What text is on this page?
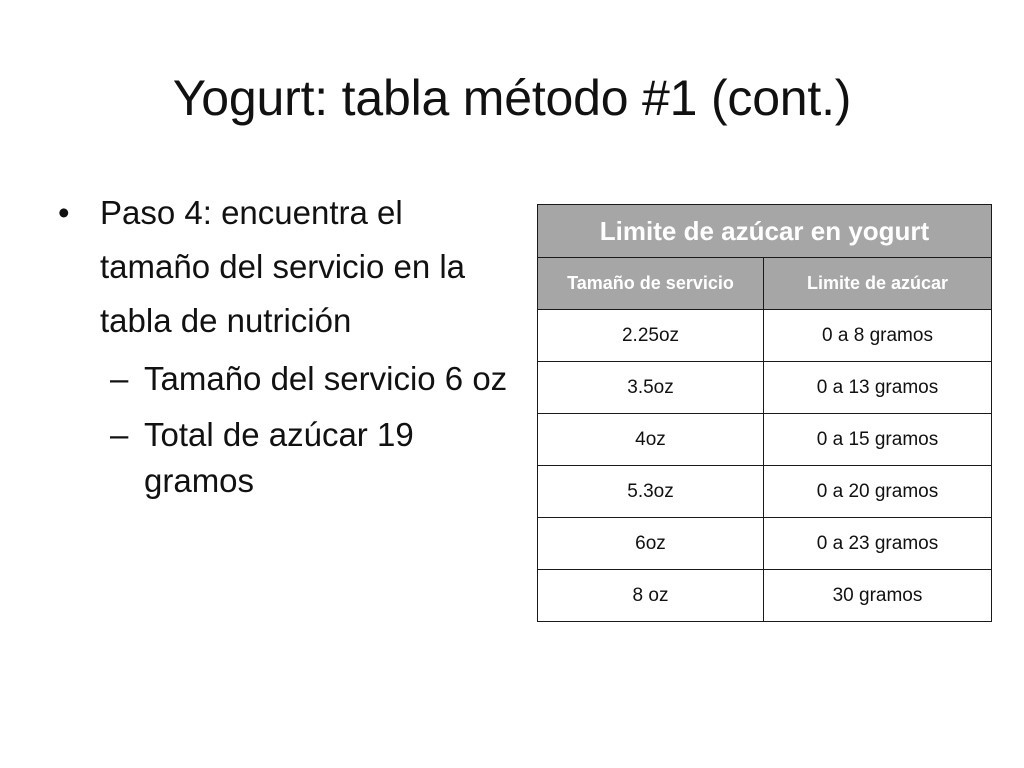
Yogurt: tabla método #1 (cont.)
• Paso 4: encuentra el tamaño del servicio en la tabla de nutrición
– Tamaño del servicio 6 oz
– Total de azúcar 19 gramos
Limite de azúcar en yogurt	
Tamaño de servicio	Limite de azúcar
2.25oz	0 a 8 gramos
3.5oz	0 a 13 gramos
4oz	0 a 15 gramos
5.3oz	0 a 20 gramos
6oz	0 a 23 gramos
8 oz	30 gramos
